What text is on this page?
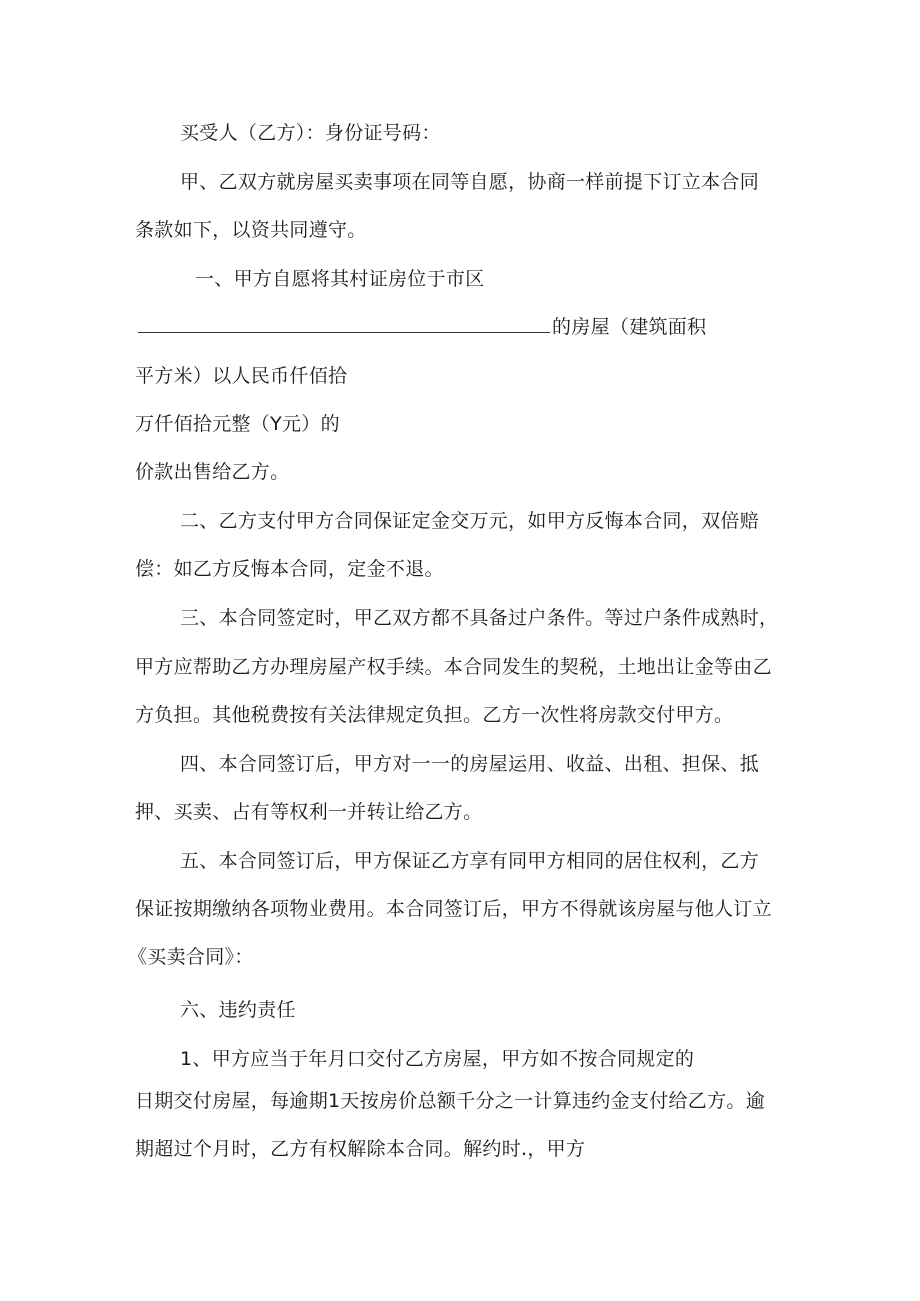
买受人（乙方）：身份证号码：
甲、乙双方就房屋买卖事项在同等自愿，协商一样前提下订立本合同
条款如下，以资共同遵守。
一、甲方自愿将其村证房位于市区
的房屋（建筑面积
平方米）以人民币仟佰拾
万仟佰拾元整（Y元）的
价款出售给乙方。
二、乙方支付甲方合同保证定金交万元，如甲方反悔本合同，双倍赔
偿：如乙方反悔本合同，定金不退。
三、本合同签定时，甲乙双方都不具备过户条件。等过户条件成熟时，
甲方应帮助乙方办理房屋产权手续。本合同发生的契税，土地出让金等由乙
方负担。其他税费按有关法律规定负担。乙方一次性将房款交付甲方。
四、本合同签订后，甲方对一一的房屋运用、收益、出租、担保、抵
押、买卖、占有等权利一并转让给乙方。
五、本合同签订后，甲方保证乙方享有同甲方相同的居住权利，乙方
保证按期缴纳各项物业费用。本合同签订后，甲方不得就该房屋与他人订立
《买卖合同》：
六、违约责任
1、甲方应当于年月口交付乙方房屋，甲方如不按合同规定的
日期交付房屋，每逾期1天按房价总额千分之一计算违约金支付给乙方。逾
期超过个月时，乙方有权解除本合同。解约时.，甲方
